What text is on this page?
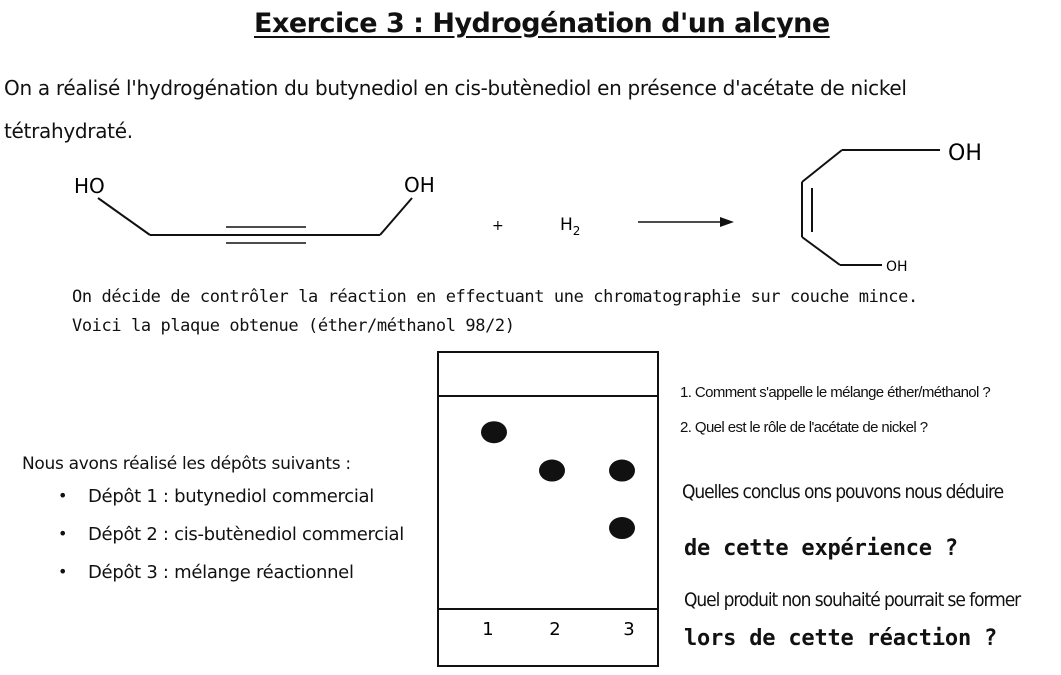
Exercice 3 : Hydrogénation d'un alcyne
On a réalisé l'hydrogénation du butynediol en cis-butènediol en présence d'acétate de nickel
tétrahydraté.
HO	OH
+	$H_2$
OH
OH
On décide de contrôler la réaction en effectuant une chromatographie sur couche mince.
Voici la plaque obtenue (éther/méthanol 98/2)
Nous avons réalisé les dépôts suivants :
•	Dépôt 1 : butynediol commercial
•	Dépôt 2 : cis-butènediol commercial
•	Dépôt 3 : mélange réactionnel
1	2	3
1. Comment s'appelle le mélange éther/méthanol ?
2. Quel est le rôle de l'acétate de nickel ?
Quelles conclus ons pouvons nous déduire
de cette expérience ?
Quel produit non souhaité pourrait se former
lors de cette réaction ?
